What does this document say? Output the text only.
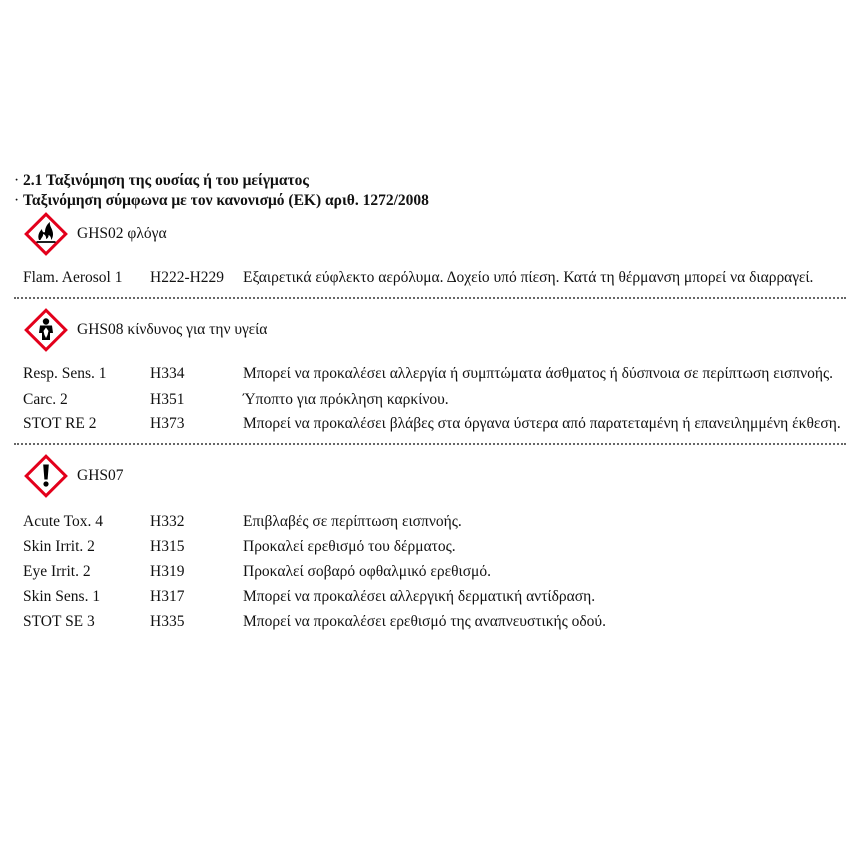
· 2.1 Ταξινόμηση της ουσίας ή του μείγματος
· Ταξινόμηση σύμφωνα με τον κανονισμό (ΕΚ) αριθ. 1272/2008
GHS02 φλόγα
Flam. Aerosol 1	H222-H229	Εξαιρετικά εύφλεκτο αερόλυμα. Δοχείο υπό πίεση. Κατά τη θέρμανση μπορεί να διαρραγεί.
GHS08 κίνδυνος για την υγεία
Resp. Sens. 1	H334	Μπορεί να προκαλέσει αλλεργία ή συμπτώματα άσθματος ή δύσπνοια σε περίπτωση εισπνοής.
Carc. 2	H351	Ύποπτο για πρόκληση καρκίνου.
STOT RE 2	H373	Μπορεί να προκαλέσει βλάβες στα όργανα ύστερα από παρατεταμένη ή επανειλημμένη έκθεση.
GHS07
Acute Tox. 4	H332	Επιβλαβές σε περίπτωση εισπνοής.
Skin Irrit. 2	H315	Προκαλεί ερεθισμό του δέρματος.
Eye Irrit. 2	H319	Προκαλεί σοβαρό οφθαλμικό ερεθισμό.
Skin Sens. 1	H317	Μπορεί να προκαλέσει αλλεργική δερματική αντίδραση.
STOT SE 3	H335	Μπορεί να προκαλέσει ερεθισμό της αναπνευστικής οδού.
